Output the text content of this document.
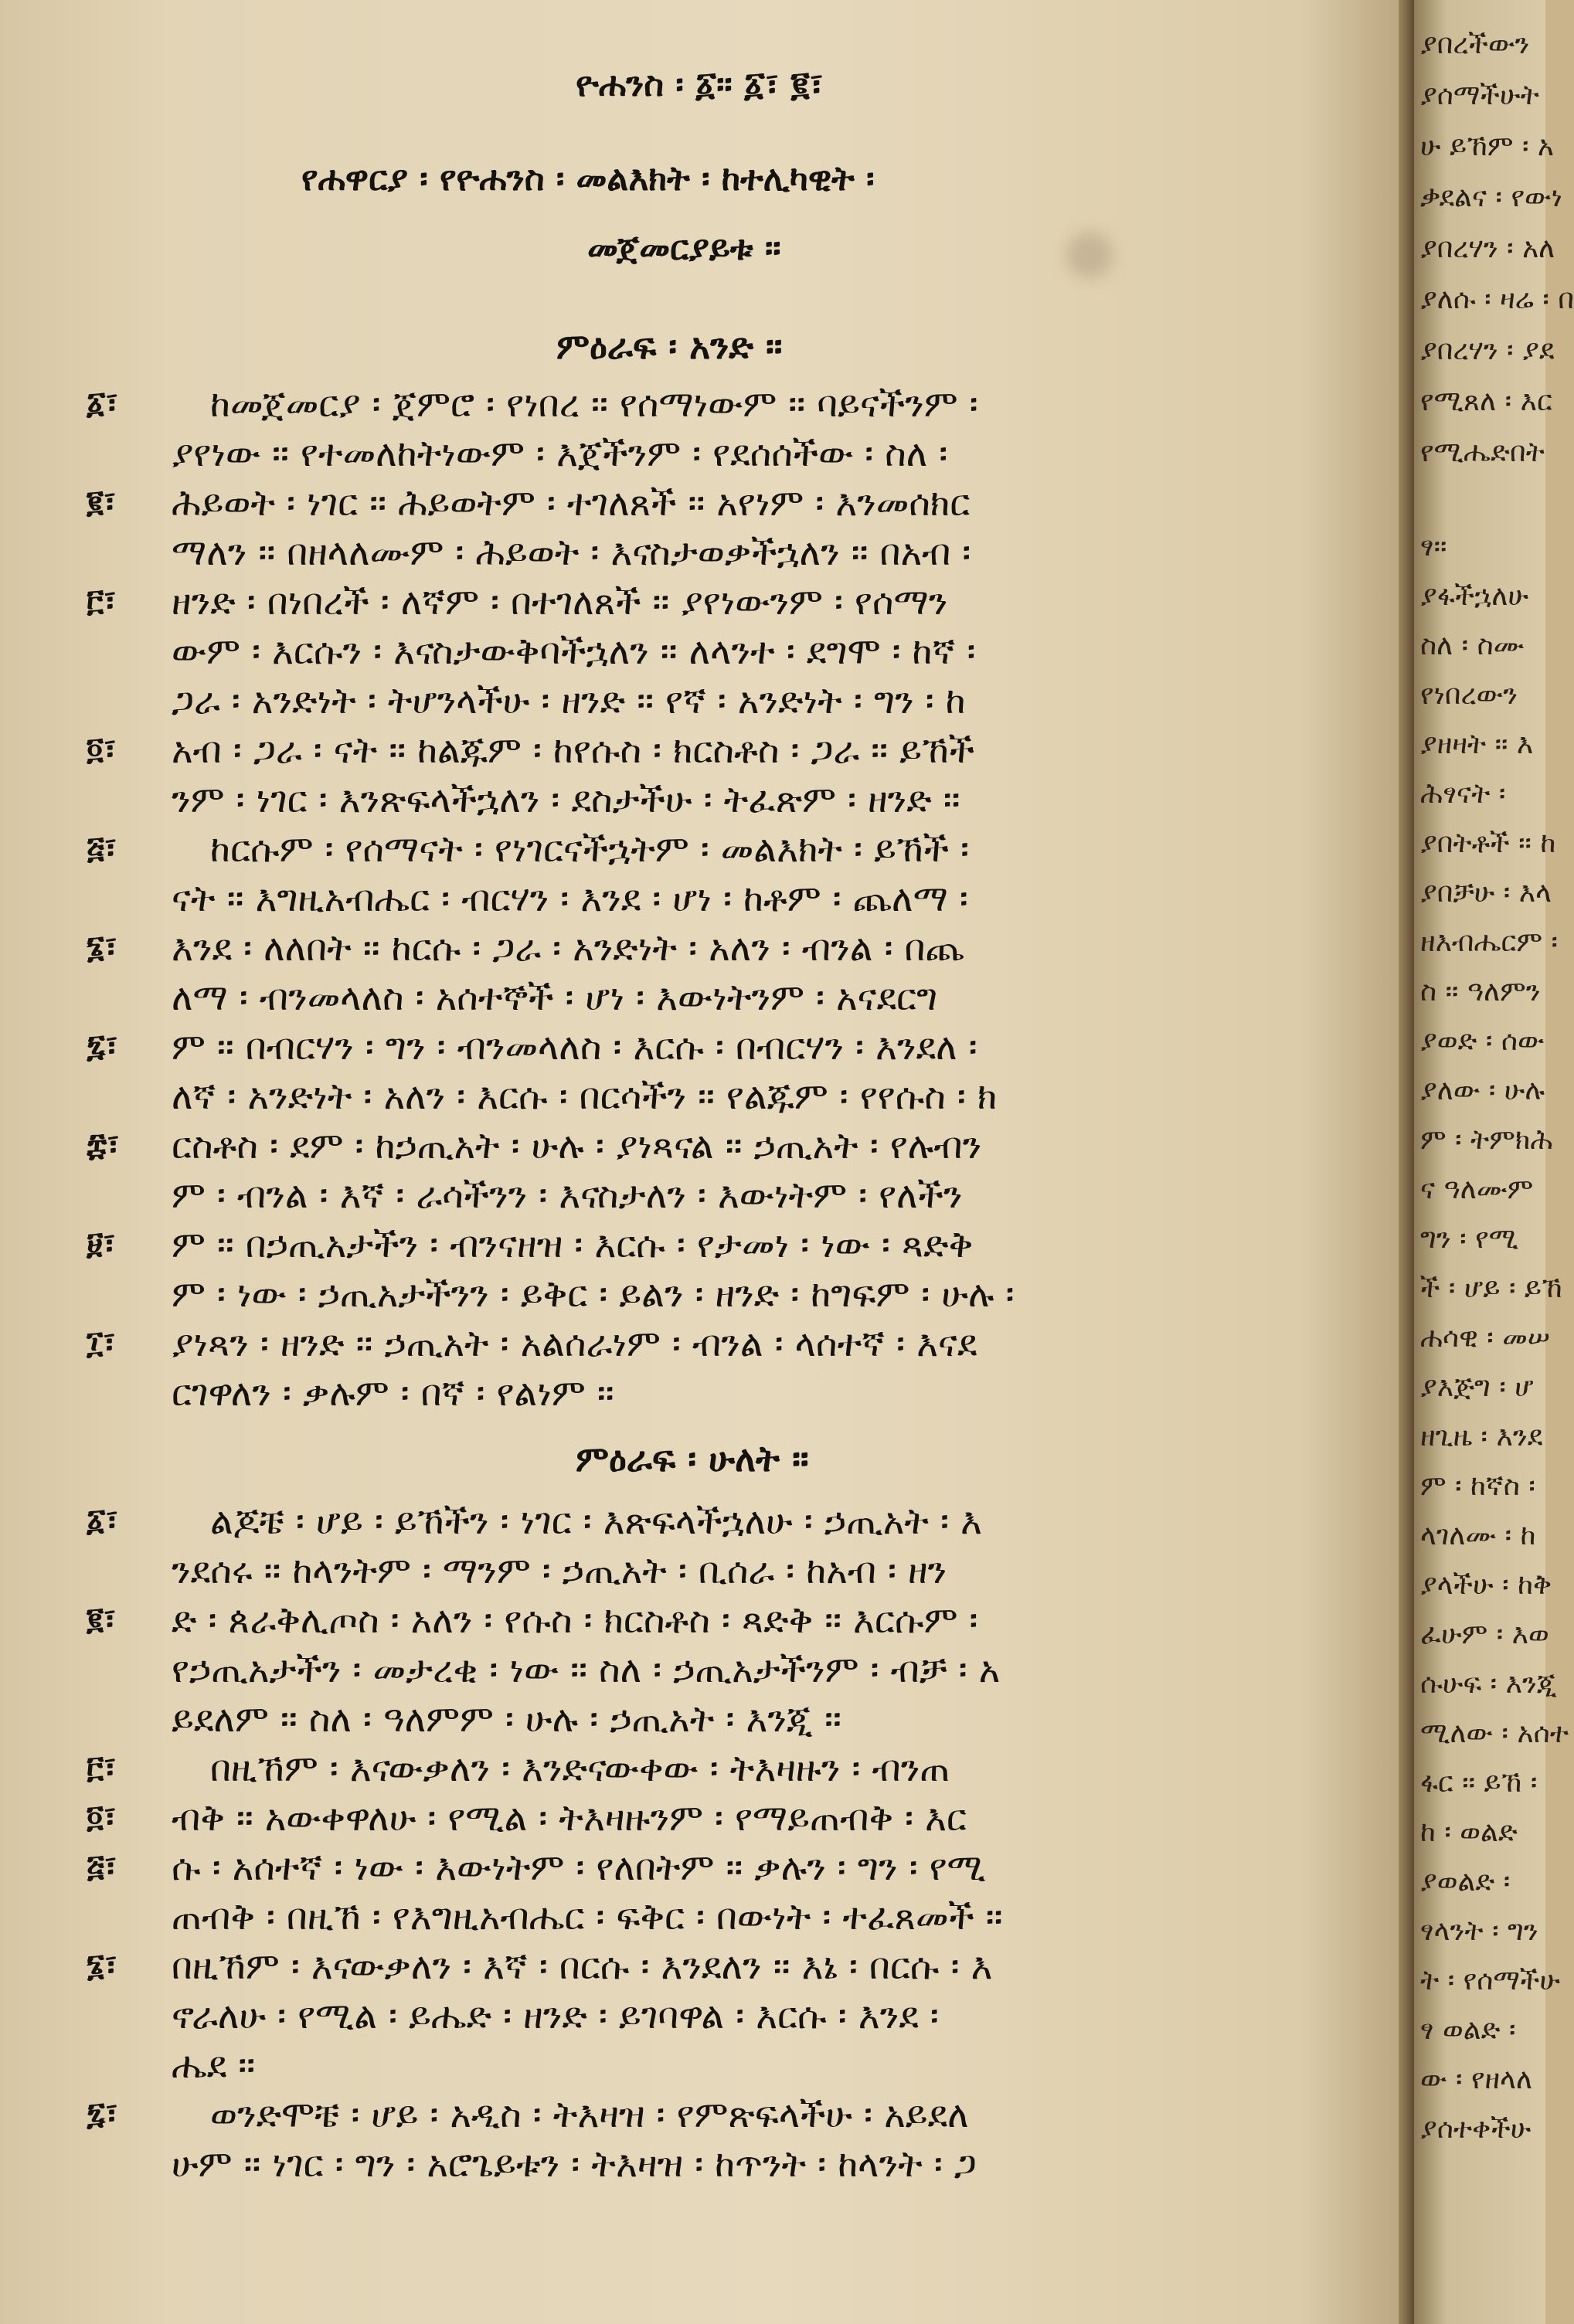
ዮሐንስ ፡ ፩። ፩፣ ፪፣
የሐዋርያ ፡ የዮሐንስ ፡ መልእክት ፡ ከተሊካዊት ፡
መጀመርያይቱ ።
ምዕራፍ ፡ አንድ ።
፩፣
፪፣
፫፣
፬፣
፭፣
፮፣
፯፣
፰፣
፱፣
፲፣
ከመጀመርያ ፡ ጀምሮ ፡ የነበረ ። የሰማነውም ። ባይናችንም ፡
ያየነው ። የተመለከትነውም ፡ እጀችንም ፡ የደሰሰችው ፡ ስለ ፡
ሕይወት ፡ ነገር ። ሕይወትም ፡ ተገለጸች ። አየነም ፡ እንመሰክር
ማለን ። በዘላለሙም ፡ ሕይወት ፡ እናስታወቃችኋለን ። በአብ ፡
ዘንድ ፡ በነበረች ፡ ለኛም ፡ በተገለጸች ። ያየነውንም ፡ የሰማን
ውም ፡ እርሱን ፡ እናስታውቅባችኋለን ። ለላንተ ፡ ደግሞ ፡ ከኛ ፡
ጋራ ፡ አንድነት ፡ ትሆንላችሁ ፡ ዘንድ ። የኛ ፡ አንድነት ፡ ግን ፡ ከ
አብ ፡ ጋራ ፡ ናት ። ከልጁም ፡ ከየሱስ ፡ ክርስቶስ ፡ ጋራ ። ይኸች
ንም ፡ ነገር ፡ እንጽፍላችኋለን ፡ ደስታችሁ ፡ ትፈጽም ፡ ዘንድ ።
ከርሱም ፡ የሰማናት ፡ የነገርናችኋትም ፡ መልእክት ፡ ይኸች ፡
ናት ። እግዚአብሔር ፡ ብርሃን ፡ እንደ ፡ ሆነ ፡ ከቶም ፡ ጨለማ ፡
እንደ ፡ ለለበት ። ከርሱ ፡ ጋራ ፡ አንድነት ፡ አለን ፡ ብንል ፡ በጨ
ለማ ፡ ብንመላለስ ፡ አሰተኞች ፡ ሆነ ፡ እውነትንም ፡ አናደርግ
ም ። በብርሃን ፡ ግን ፡ ብንመላለስ ፡ እርሱ ፡ በብርሃን ፡ እንደለ ፡
ለኛ ፡ አንድነት ፡ አለን ፡ እርሱ ፡ በርሳችን ። የልጁም ፡ የየሱስ ፡ ክ
ርስቶስ ፡ ደም ፡ ከኃጢአት ፡ ሁሉ ፡ ያነጻናል ። ኃጢአት ፡ የሉብን
ም ፡ ብንል ፡ እኛ ፡ ራሳችንን ፡ እናስታለን ፡ እውነትም ፡ የለችን
ም ። በኃጢአታችን ፡ ብንናዘዝ ፡ እርሱ ፡ የታመነ ፡ ነው ፡ ጻድቅ
ም ፡ ነው ፡ ኃጢአታችንን ፡ ይቅር ፡ ይልን ፡ ዘንድ ፡ ከግፍም ፡ ሁሉ ፡
ያነጻን ፡ ዘንድ ። ኃጢአት ፡ አልሰራነም ፡ ብንል ፡ ላሰተኛ ፡ እናደ
ርገዋለን ፡ ቃሉም ፡ በኛ ፡ የልነም ።
ምዕራፍ ፡ ሁለት ።
፩፣
፪፣
፫፣
፬፣
፭፣
፮፣
፯፣
ልጆቼ ፡ ሆይ ፡ ይኸችን ፡ ነገር ፡ እጽፍላችኋለሁ ፡ ኃጢአት ፡ እ
ንደሰሩ ። ከላንትም ፡ ማንም ፡ ኃጢአት ፡ ቢሰራ ፡ ከአብ ፡ ዘን
ድ ፡ ጰራቅሊጦስ ፡ አለን ፡ የሱስ ፡ ክርስቶስ ፡ ጻድቅ ። እርሱም ፡
የኃጢአታችን ፡ መታረቂ ፡ ነው ። ስለ ፡ ኃጢአታችንም ፡ ብቻ ፡ አ
ይደለም ። ስለ ፡ ዓለምም ፡ ሁሉ ፡ ኃጢአት ፡ እንጂ ።
በዚኸም ፡ እናውቃለን ፡ እንድናውቀው ፡ ትእዛዙን ፡ ብንጠ
ብቅ ። አውቀዋለሁ ፡ የሚል ፡ ትእዛዙንም ፡ የማይጠብቅ ፡ እር
ሱ ፡ አሰተኛ ፡ ነው ፡ እውነትም ፡ የለበትም ። ቃሉን ፡ ግን ፡ የሚ
ጠብቅ ፡ በዚኸ ፡ የእግዚአብሔር ፡ ፍቅር ፡ በውነት ፡ ተፈጸመች ።
በዚኸም ፡ እናውቃለን ፡ እኛ ፡ በርሱ ፡ እንደለን ። እኔ ፡ በርሱ ፡ እ
ኖራለሁ ፡ የሚል ፡ ይሔድ ፡ ዘንድ ፡ ይገባዋል ፡ እርሱ ፡ እንደ ፡
ሔደ ።
ወንድሞቼ ፡ ሆይ ፡ አዲስ ፡ ትእዛዝ ፡ የምጽፍላችሁ ፡ አይደለ
ሁም ። ነገር ፡ ግን ፡ አሮጌይቱን ፡ ትእዛዝ ፡ ከጥንት ፡ ከላንት ፡ ጋ
ያበረችውን
ያሰማችሁት
ሁ ይኸም ፡ አ
ቃደልና ፡ የውነ
ያበረሃን ፡ አለ
ያለሱ ፡ ዛሬ ፡ በ
ያበረሃን ፡ ያደ
የሚጸለ ፡ እር
የሚሔድበት
ፃ።
ያፋችኋለሁ
ስለ ፡ ስሙ
የነበረውን
ያዘዛት ። እ
ሕፃናት ፡
ያበትቶች ። ከ
ያበቻሁ ፡ እላ
ዘእብሔርም ፡
ስ ። ዓለምን
ያወድ ፡ ሰው
ያለው ፡ ሁሉ
ም ፡ ትምክሕ
ና ዓለሙም
ግን ፡ የሚ
ች ፡ ሆይ ፡ ይኸ
ሐሳዊ ፡ መሠ
ያእጅግ ፡ ሆ
ዘጊዜ ፡ እንደ
ም ፡ ከኛስ ፡
ላገለሙ ፡ ከ
ያላችሁ ፡ ከቅ
ፈሁም ፡ እወ
ሱሁፍ ፡ እንጂ
ሚለው ፡ አሰተ
ፋር ። ይኸ ፡
ከ ፡ ወልድ
ያወልድ ፡
ፃላንት ፡ ግን
ት ፡ የሰማችሁ
ፃ ወልድ ፡
ው ፡ የዘላለ
ያሰተቀችሁ
